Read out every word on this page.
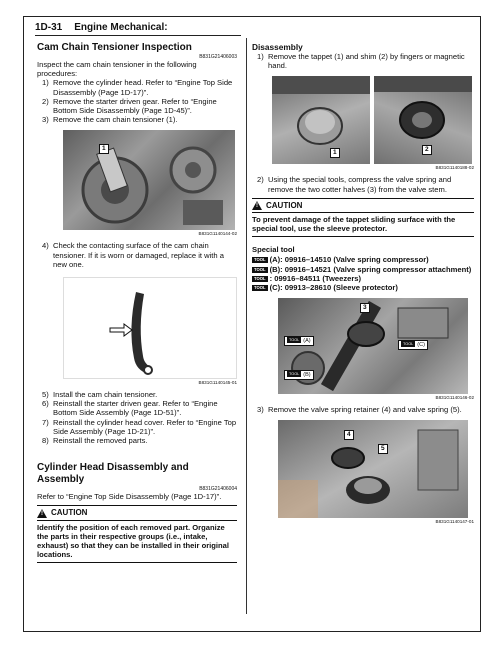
1D-31 Engine Mechanical:

Cam Chain Tensioner Inspection

B831G21406003

Inspect the cam chain tensioner in the following procedures:

1) Remove the cylinder head. Refer to “Engine Top Side Disassembly (Page 1D-17)”.
2) Remove the starter driven gear. Refer to “Engine Bottom Side Disassembly (Page 1D-45)”.
3) Remove the cam chain tensioner (1).
1
B831G1140144-02
4) Check the contacting surface of the cam chain tensioner. If it is worn or damaged, replace it with a new one.
B831G1140145-01
5) Install the cam chain tensioner.
6) Reinstall the starter driven gear. Refer to “Engine Bottom Side Assembly (Page 1D-51)”.
7) Reinstall the cylinder head cover. Refer to “Engine Top Side Assembly (Page 1D-21)”.
8) Reinstall the removed parts.

Cylinder Head Disassembly and Assembly

B831G21406004

Refer to “Engine Top Side Disassembly (Page 1D-17)”.

! CAUTION
Identify the position of each removed part. Organize the parts in their respective groups (i.e., intake, exhaust) so that they can be installed in their original locations.

Disassembly

1) Remove the tappet (1) and shim (2) by fingers or magnetic hand.
1	2
B831G1140188-02
2) Using the special tools, compress the valve spring and remove the two cotter halves (3) from the valve stem.
! CAUTION
To prevent damage of the tappet sliding surface with the special tool, use the sleeve protector.

Special tool

TOOL (A): 09916–14510 (Valve spring compressor)
TOOL (B): 09916–14521 (Valve spring compressor attachment)
TOOL : 09916–84511 (Tweezers)
TOOL (C): 09913–28610 (Sleeve protector)
3
TOOL (A)	TOOL (C)
TOOL (B)
B831G1140146-02
3) Remove the valve spring retainer (4) and valve spring (5).
4
5
B831G1140147-01
